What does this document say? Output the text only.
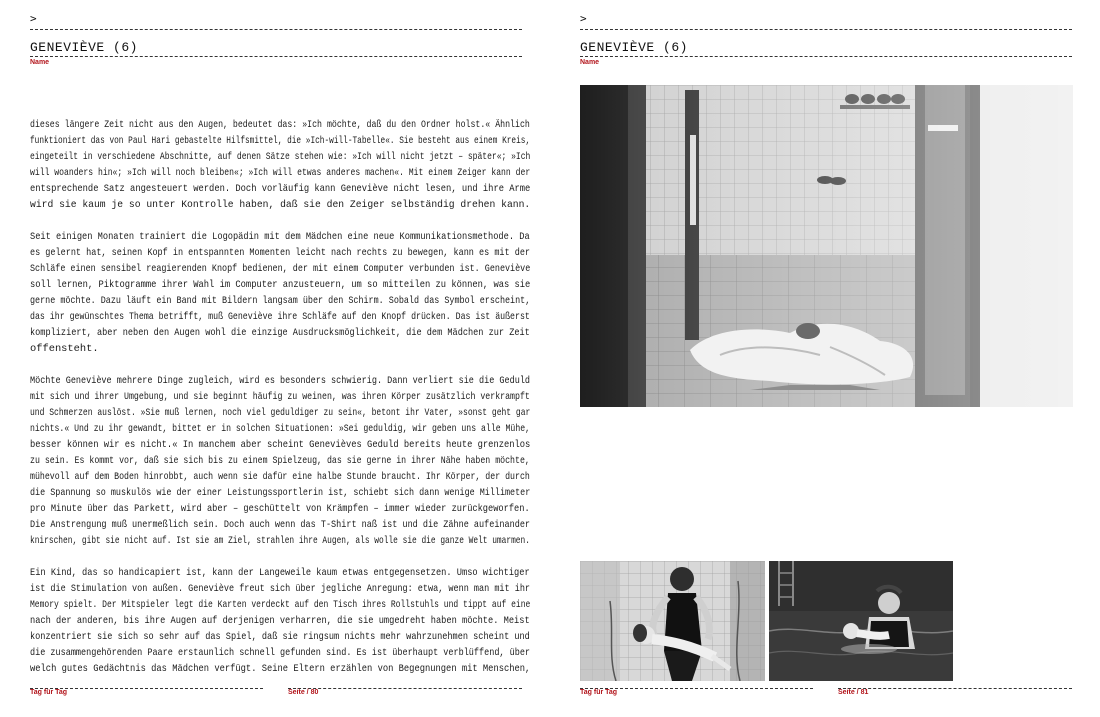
>
GENEVIÈVE (6)
Name
dieses längere Zeit nicht aus den Augen, bedeutet das: »Ich möchte, daß du den Ordner holst.« Ähnlich
funktioniert das von Paul Hari gebastelte Hilfsmittel, die »Ich-will-Tabelle«. Sie besteht aus einem Kreis,
eingeteilt in verschiedene Abschnitte, auf denen Sätze stehen wie: »Ich will nicht jetzt – später«; »Ich
will woanders hin«; »Ich will noch bleiben«; »Ich will etwas anderes machen«. Mit einem Zeiger kann der
entsprechende Satz angesteuert werden. Doch vorläufig kann Geneviève nicht lesen, und ihre Arme
wird sie kaum je so unter Kontrolle haben, daß sie den Zeiger selbständig drehen kann.
Seit einigen Monaten trainiert die Logopädin mit dem Mädchen eine neue Kommunikationsmethode. Da
es gelernt hat, seinen Kopf in entspannten Momenten leicht nach rechts zu bewegen, kann es mit der
Schläfe einen sensibel reagierenden Knopf bedienen, der mit einem Computer verbunden ist. Geneviève
soll lernen, Piktogramme ihrer Wahl im Computer anzusteuern, um so mitteilen zu können, was sie
gerne möchte. Dazu läuft ein Band mit Bildern langsam über den Schirm. Sobald das Symbol erscheint,
das ihr gewünschtes Thema betrifft, muß Geneviève ihre Schläfe auf den Knopf drücken. Das ist äußerst
kompliziert, aber neben den Augen wohl die einzige Ausdrucksmöglichkeit, die dem Mädchen zur Zeit
offensteht.
Möchte Geneviève mehrere Dinge zugleich, wird es besonders schwierig. Dann verliert sie die Geduld
mit sich und ihrer Umgebung, und sie beginnt häufig zu weinen, was ihren Körper zusätzlich verkrampft
und Schmerzen auslöst. »Sie muß lernen, noch viel geduldiger zu sein«, betont ihr Vater, »sonst geht gar
nichts.« Und zu ihr gewandt, bittet er in solchen Situationen: »Sei geduldig, wir geben uns alle Mühe,
besser können wir es nicht.« In manchem aber scheint Genevièves Geduld bereits heute grenzenlos
zu sein. Es kommt vor, daß sie sich bis zu einem Spielzeug, das sie gerne in ihrer Nähe haben möchte,
mühevoll auf dem Boden hinrobbt, auch wenn sie dafür eine halbe Stunde braucht. Ihr Körper, der durch
die Spannung so muskulös wie der einer Leistungssportlerin ist, schiebt sich dann wenige Millimeter
pro Minute über das Parkett, wird aber – geschüttelt von Krämpfen – immer wieder zurückgeworfen.
Die Anstrengung muß unermeßlich sein. Doch auch wenn das T-Shirt naß ist und die Zähne aufeinander
knirschen, gibt sie nicht auf. Ist sie am Ziel, strahlen ihre Augen, als wolle sie die ganze Welt umarmen.
Ein Kind, das so handicapiert ist, kann der Langeweile kaum etwas entgegensetzen. Umso wichtiger
ist die Stimulation von außen. Geneviève freut sich über jegliche Anregung: etwa, wenn man mit ihr
Memory spielt. Der Mitspieler legt die Karten verdeckt auf den Tisch ihres Rollstuhls und tippt auf eine
nach der anderen, bis ihre Augen auf derjenigen verharren, die sie umgedreht haben möchte. Meist
konzentriert sie sich so sehr auf das Spiel, daß sie ringsum nichts mehr wahrzunehmen scheint und
die zusammengehörenden Paare erstaunlich schnell gefunden sind. Es ist überhaupt verblüffend, über
welch gutes Gedächtnis das Mädchen verfügt. Seine Eltern erzählen von Begegnungen mit Menschen,
Tag für Tag	Seite / 80
>
GENEVIÈVE (6)
Name
Tag für Tag	Seite / 81
